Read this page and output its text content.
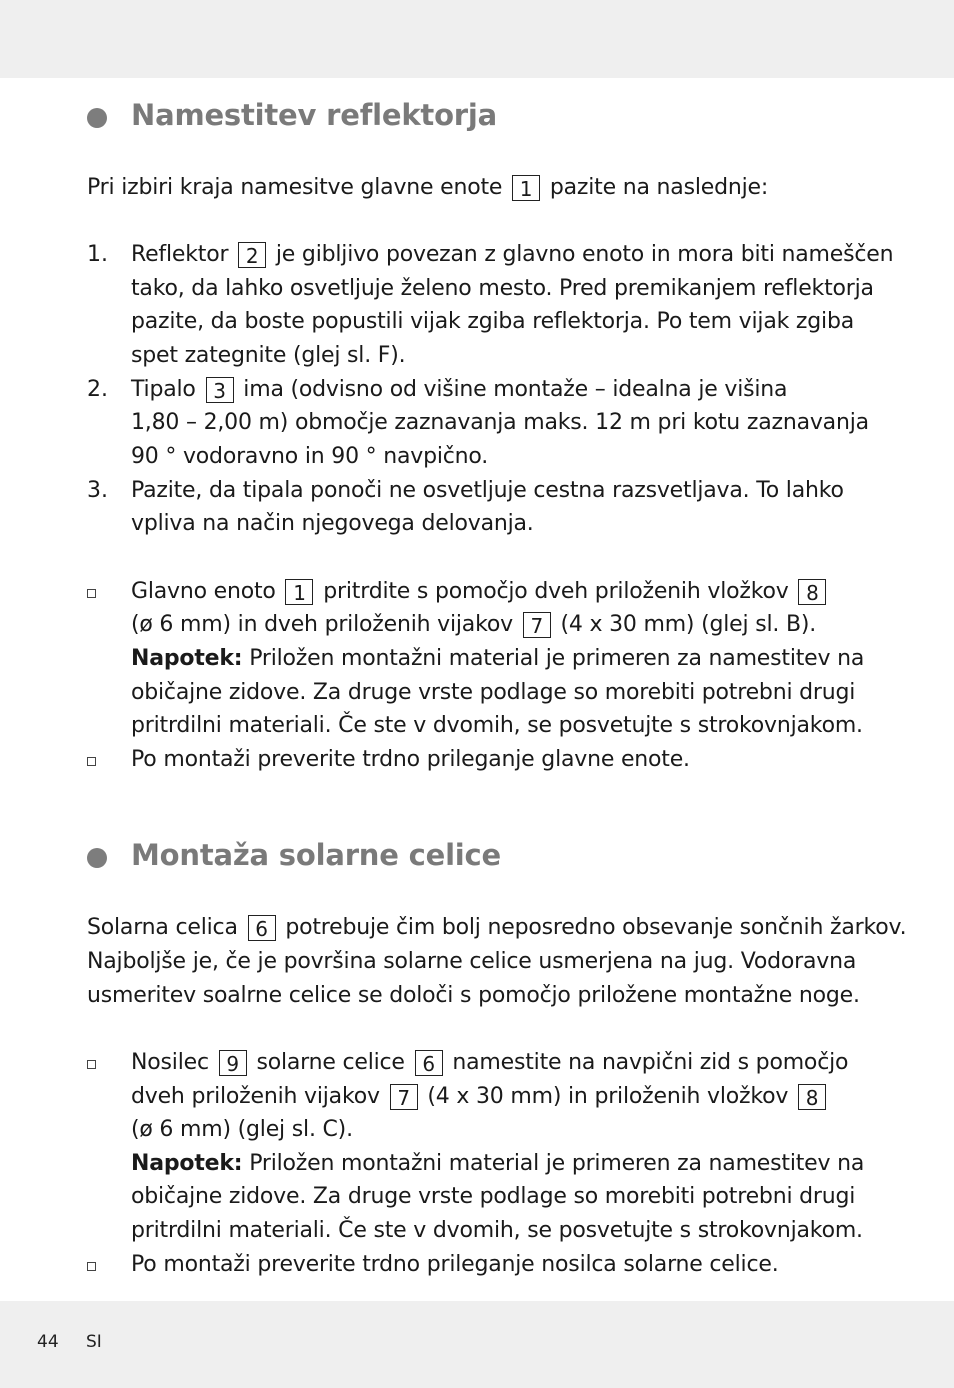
Namestitev reflektorja
Pri izbiri kraja namesitve glavne enote 1 pazite na naslednje:
1. Reflektor 2 je gibljivo povezan z glavno enoto in mora biti nameščen
tako, da lahko osvetljuje želeno mesto. Pred premikanjem reflektorja
pazite, da boste popustili vijak zgiba reflektorja. Po tem vijak zgiba
spet zategnite (glej sl. F).
2. Tipalo 3 ima (odvisno od višine montaže – idealna je višina
1,80 – 2,00 m) območje zaznavanja maks. 12 m pri kotu zaznavanja
90 ° vodoravno in 90 ° navpično.
3. Pazite, da tipala ponoči ne osvetljuje cestna razsvetljava. To lahko
vpliva na način njegovega delovanja.
Glavno enoto 1 pritrdite s pomočjo dveh priloženih vložkov 8
(ø 6 mm) in dveh priloženih vijakov 7 (4 x 30 mm) (glej sl. B).
Napotek: Priložen montažni material je primeren za namestitev na
običajne zidove. Za druge vrste podlage so morebiti potrebni drugi
pritrdilni materiali. Če ste v dvomih, se posvetujte s strokovnjakom.
Po montaži preverite trdno prileganje glavne enote.
Montaža solarne celice
Solarna celica 6 potrebuje čim bolj neposredno obsevanje sončnih žarkov.
Najboljše je, če je površina solarne celice usmerjena na jug. Vodoravna
usmeritev soalrne celice se določi s pomočjo priložene montažne noge.
Nosilec 9 solarne celice 6 namestite na navpični zid s pomočjo
dveh priloženih vijakov 7 (4 x 30 mm) in priloženih vložkov 8
(ø 6 mm) (glej sl. C).
Napotek: Priložen montažni material je primeren za namestitev na
običajne zidove. Za druge vrste podlage so morebiti potrebni drugi
pritrdilni materiali. Če ste v dvomih, se posvetujte s strokovnjakom.
Po montaži preverite trdno prileganje nosilca solarne celice.
44 SI
